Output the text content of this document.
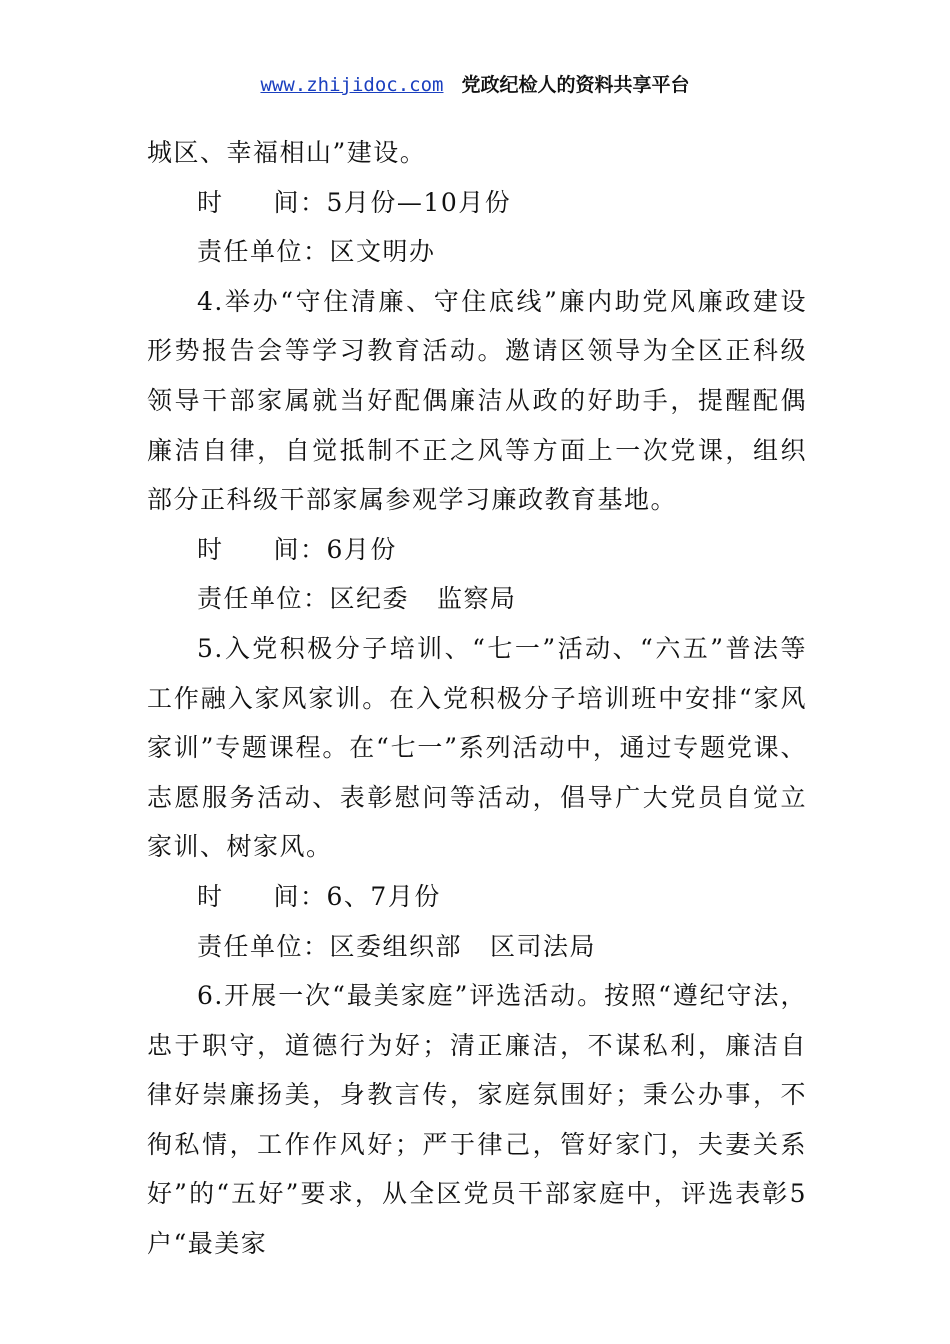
www.zhijidoc.com 党政纪检人的资料共享平台

城区、幸福相山”建设。

时 间：5月份—10月份

责任单位：区文明办

4.举办“守住清廉、守住底线”廉内助党风廉政建设形势报告会等学习教育活动。邀请区领导为全区正科级领导干部家属就当好配偶廉洁从政的好助手，提醒配偶廉洁自律，自觉抵制不正之风等方面上一次党课，组织部分正科级干部家属参观学习廉政教育基地。

时 间：6月份

责任单位：区纪委 监察局

5.入党积极分子培训、“七一”活动、“六五”普法等工作融入家风家训。在入党积极分子培训班中安排“家风家训”专题课程。在“七一”系列活动中，通过专题党课、志愿服务活动、表彰慰问等活动，倡导广大党员自觉立家训、树家风。

时 间：6、7月份

责任单位：区委组织部 区司法局

6.开展一次“最美家庭”评选活动。按照“遵纪守法，忠于职守，道德行为好；清正廉洁，不谋私利，廉洁自律好崇廉扬美，身教言传，家庭氛围好；秉公办事，不徇私情，工作作风好；严于律己，管好家门，夫妻关系好”的“五好”要求，从全区党员干部家庭中，评选表彰5户“最美家
